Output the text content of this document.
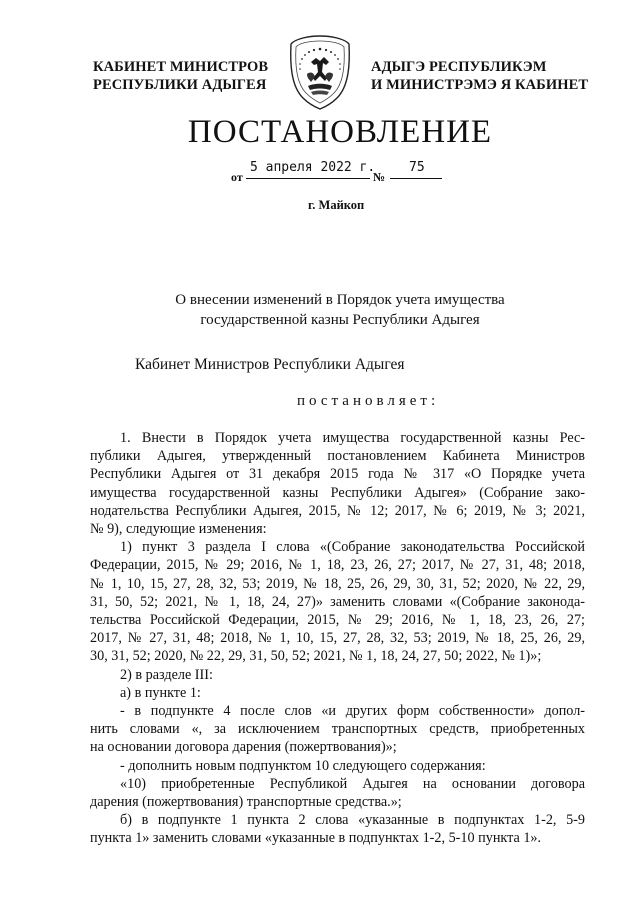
КАБИНЕТ МИНИСТРОВ
РЕСПУБЛИКИ АДЫГЕЯ
АДЫГЭ РЕСПУБЛИКЭМ
И МИНИСТРЭМЭ Я КАБИНЕТ
ПОСТАНОВЛЕНИЕ
от
5 апреля 2022 г.
№
75
г. Майкоп
О внесении изменений в Порядок учета имущества
государственной казны Республики Адыгея
Кабинет Министров Республики Адыгея
постановляет:
1. Внести в Порядок учета имущества государственной казны Рес-
публики Адыгея, утвержденный постановлением Кабинета Министров
Республики Адыгея от 31 декабря 2015 года № 317 «О Порядке учета
имущества государственной казны Республики Адыгея» (Собрание зако-
нодательства Республики Адыгея, 2015, № 12; 2017, № 6; 2019, № 3; 2021,
№ 9), следующие изменения:
1) пункт 3 раздела I слова «(Собрание законодательства Российской
Федерации, 2015, № 29; 2016, № 1, 18, 23, 26, 27; 2017, № 27, 31, 48; 2018,
№ 1, 10, 15, 27, 28, 32, 53; 2019, № 18, 25, 26, 29, 30, 31, 52; 2020, № 22, 29,
31, 50, 52; 2021, № 1, 18, 24, 27)» заменить словами «(Собрание законода-
тельства Российской Федерации, 2015, № 29; 2016, № 1, 18, 23, 26, 27;
2017, № 27, 31, 48; 2018, № 1, 10, 15, 27, 28, 32, 53; 2019, № 18, 25, 26, 29,
30, 31, 52; 2020, № 22, 29, 31, 50, 52; 2021, № 1, 18, 24, 27, 50; 2022, № 1)»;
2) в разделе III:
а) в пункте 1:
- в подпункте 4 после слов «и других форм собственности» допол-
нить словами «, за исключением транспортных средств, приобретенных
на основании договора дарения (пожертвования)»;
- дополнить новым подпунктом 10 следующего содержания:
«10) приобретенные Республикой Адыгея на основании договора
дарения (пожертвования) транспортные средства.»;
б) в подпункте 1 пункта 2 слова «указанные в подпунктах 1-2, 5-9
пункта 1» заменить словами «указанные в подпунктах 1-2, 5-10 пункта 1».
